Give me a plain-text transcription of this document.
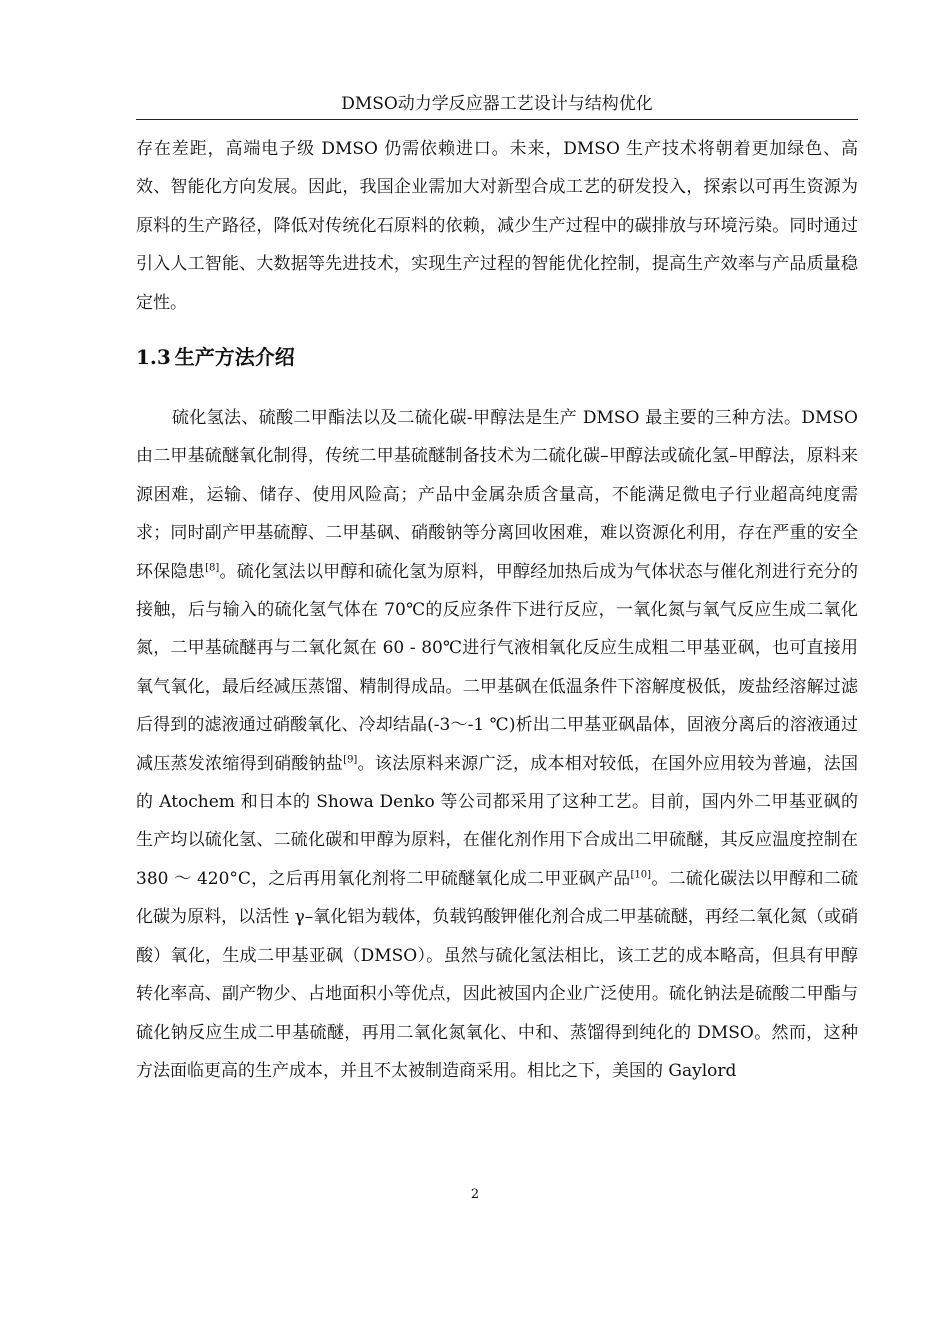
DMSO动力学反应器工艺设计与结构优化

存在差距，高端电子级 DMSO 仍需依赖进口。未来，DMSO 生产技术将朝着更加绿色、高效、智能化方向发展。因此，我国企业需加大对新型合成工艺的研发投入，探索以可再生资源为原料的生产路径，降低对传统化石原料的依赖，减少生产过程中的碳排放与环境污染。同时通过引入人工智能、大数据等先进技术，实现生产过程的智能优化控制，提高生产效率与产品质量稳定性。

1.3 生产方法介绍

硫化氢法、硫酸二甲酯法以及二硫化碳-甲醇法是生产 DMSO 最主要的三种方法。DMSO 由二甲基硫醚氧化制得，传统二甲基硫醚制备技术为二硫化碳–甲醇法或硫化氢–甲醇法，原料来源困难，运输、储存、使用风险高；产品中金属杂质含量高，不能满足微电子行业超高纯度需求；同时副产甲基硫醇、二甲基砜、硝酸钠等分离回收困难，难以资源化利用，存在严重的安全环保隐患[8]。硫化氢法以甲醇和硫化氢为原料，甲醇经加热后成为气体状态与催化剂进行充分的接触，后与输入的硫化氢气体在 70℃的反应条件下进行反应，一氧化氮与氧气反应生成二氧化氮，二甲基硫醚再与二氧化氮在 60 - 80℃进行气液相氧化反应生成粗二甲基亚砜，也可直接用氧气氧化，最后经减压蒸馏、精制得成品。二甲基砜在低温条件下溶解度极低，废盐经溶解过滤后得到的滤液通过硝酸氧化、冷却结晶(-3～-1 ℃)析出二甲基亚砜晶体，固液分离后的溶液通过减压蒸发浓缩得到硝酸钠盐[9]。该法原料来源广泛，成本相对较低，在国外应用较为普遍，法国的 Atochem 和日本的 Showa Denko 等公司都采用了这种工艺。目前，国内外二甲基亚砜的生产均以硫化氢、二硫化碳和甲醇为原料，在催化剂作用下合成出二甲硫醚，其反应温度控制在 380 ～ 420°C，之后再用氧化剂将二甲硫醚氧化成二甲亚砜产品[10]。二硫化碳法以甲醇和二硫化碳为原料，以活性 γ–氧化铝为载体，负载钨酸钾催化剂合成二甲基硫醚，再经二氧化氮（或硝酸）氧化，生成二甲基亚砜（DMSO）。虽然与硫化氢法相比，该工艺的成本略高，但具有甲醇转化率高、副产物少、占地面积小等优点，因此被国内企业广泛使用。硫化钠法是硫酸二甲酯与硫化钠反应生成二甲基硫醚，再用二氧化氮氧化、中和、蒸馏得到纯化的 DMSO。然而，这种方法面临更高的生产成本，并且不太被制造商采用。相比之下，美国的 Gaylord

2
